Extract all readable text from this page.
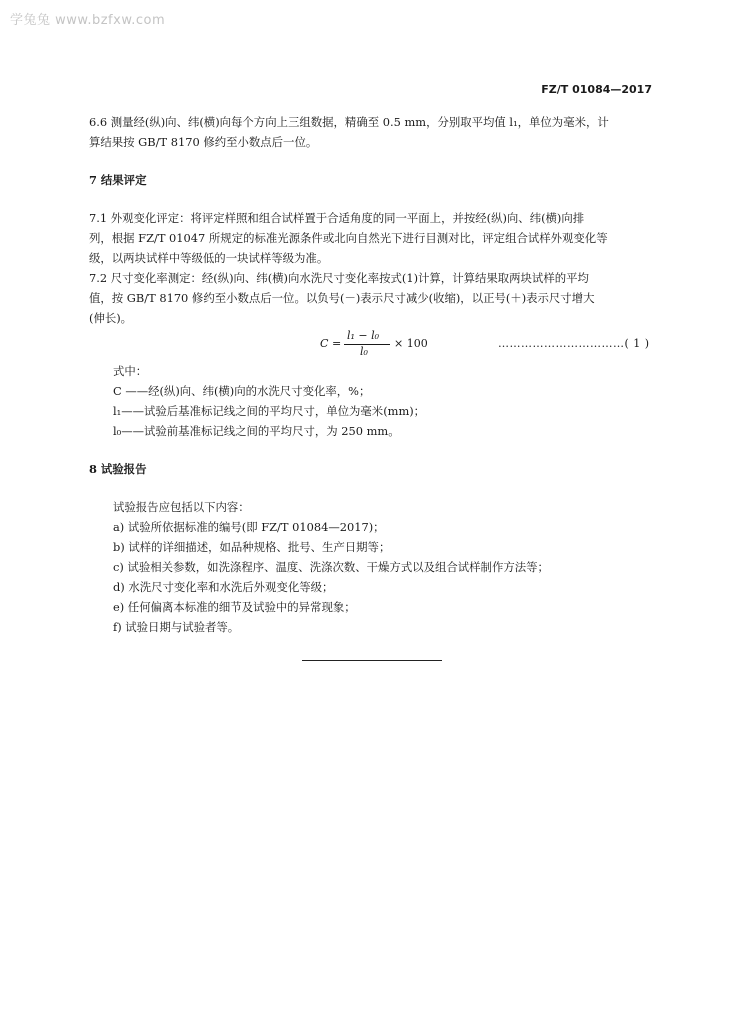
学兔兔 www.bzfxw.com
FZ/T 01084—2017
6.6 测量经(纵)向、纬(横)向每个方向上三组数据，精确至 0.5 mm，分别取平均值 l₁，单位为毫米，计
算结果按 GB/T 8170 修约至小数点后一位。
7 结果评定
7.1 外观变化评定：将评定样照和组合试样置于合适角度的同一平面上，并按经(纵)向、纬(横)向排
列，根据 FZ/T 01047 所规定的标准光源条件或北向自然光下进行目测对比，评定组合试样外观变化等
级，以两块试样中等级低的一块试样等级为准。
7.2 尺寸变化率测定：经(纵)向、纬(横)向水洗尺寸变化率按式(1)计算，计算结果取两块试样的平均
值，按 GB/T 8170 修约至小数点后一位。以负号(－)表示尺寸减少(收缩)，以正号(＋)表示尺寸增大
(伸长)。
C =
l₁ − l₀
l₀
× 100	……………………………( 1 )
式中：
C ——经(纵)向、纬(横)向的水洗尺寸变化率，%；
l₁——试验后基准标记线之间的平均尺寸，单位为毫米(mm)；
l₀——试验前基准标记线之间的平均尺寸，为 250 mm。
8 试验报告
试验报告应包括以下内容：
a) 试验所依据标准的编号(即 FZ/T 01084—2017)；
b) 试样的详细描述，如品种规格、批号、生产日期等；
c) 试验相关参数，如洗涤程序、温度、洗涤次数、干燥方式以及组合试样制作方法等；
d) 水洗尺寸变化率和水洗后外观变化等级；
e) 任何偏离本标准的细节及试验中的异常现象；
f) 试验日期与试验者等。
